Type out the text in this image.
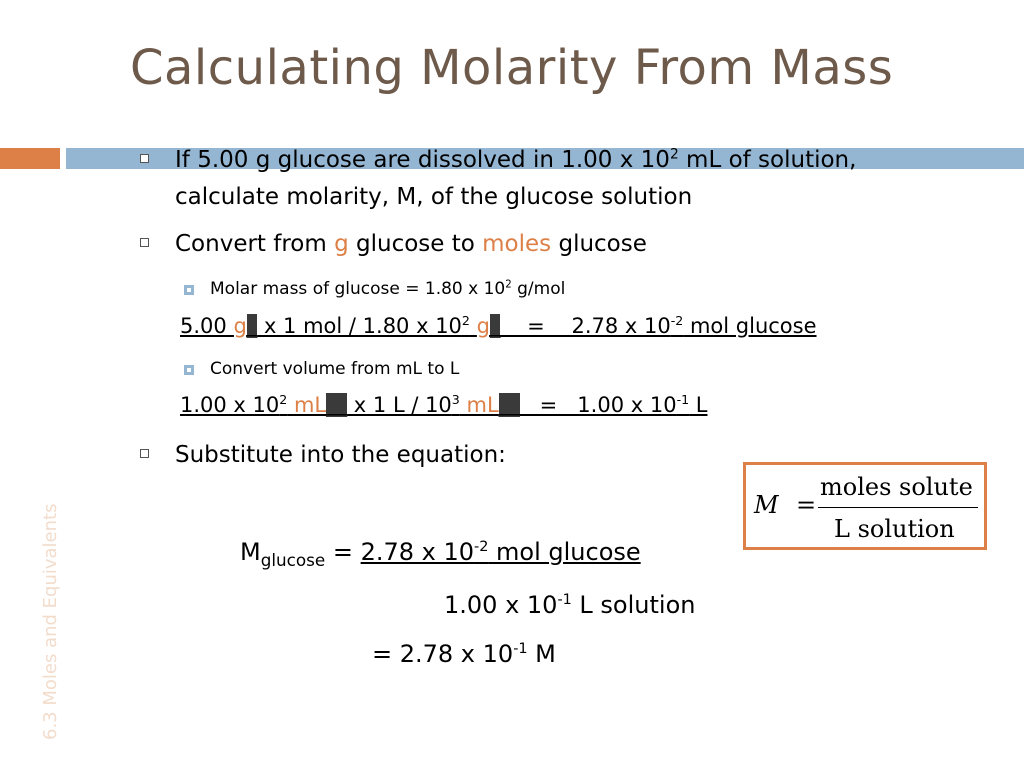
Calculating Molarity From Mass
6.3 Moles and Equivalents
If 5.00 g glucose are dissolved in 1.00 x $10^2$ mL of solution,
calculate molarity, M, of the glucose solution
Convert from g glucose to moles glucose
Molar mass of glucose = 1.80 x $10^2$ g/mol
5.00 g_ x 1 mol / 1.80 x $10^2$ g_    =    2.78 x $10^{-2}$ mol glucose
Convert volume from mL to L
1.00 x $10^2$ mL__ x 1 L / $10^3$ mL__   =   1.00 x $10^{-1}$ L
Substitute into the equation:
M =
moles solute
L solution
$M_{glucose} = 2.78$ x $10^{-2}$ mol glucose
1.00 x $10^{-1}$ L solution
= 2.78 x $10^{-1}$ M
